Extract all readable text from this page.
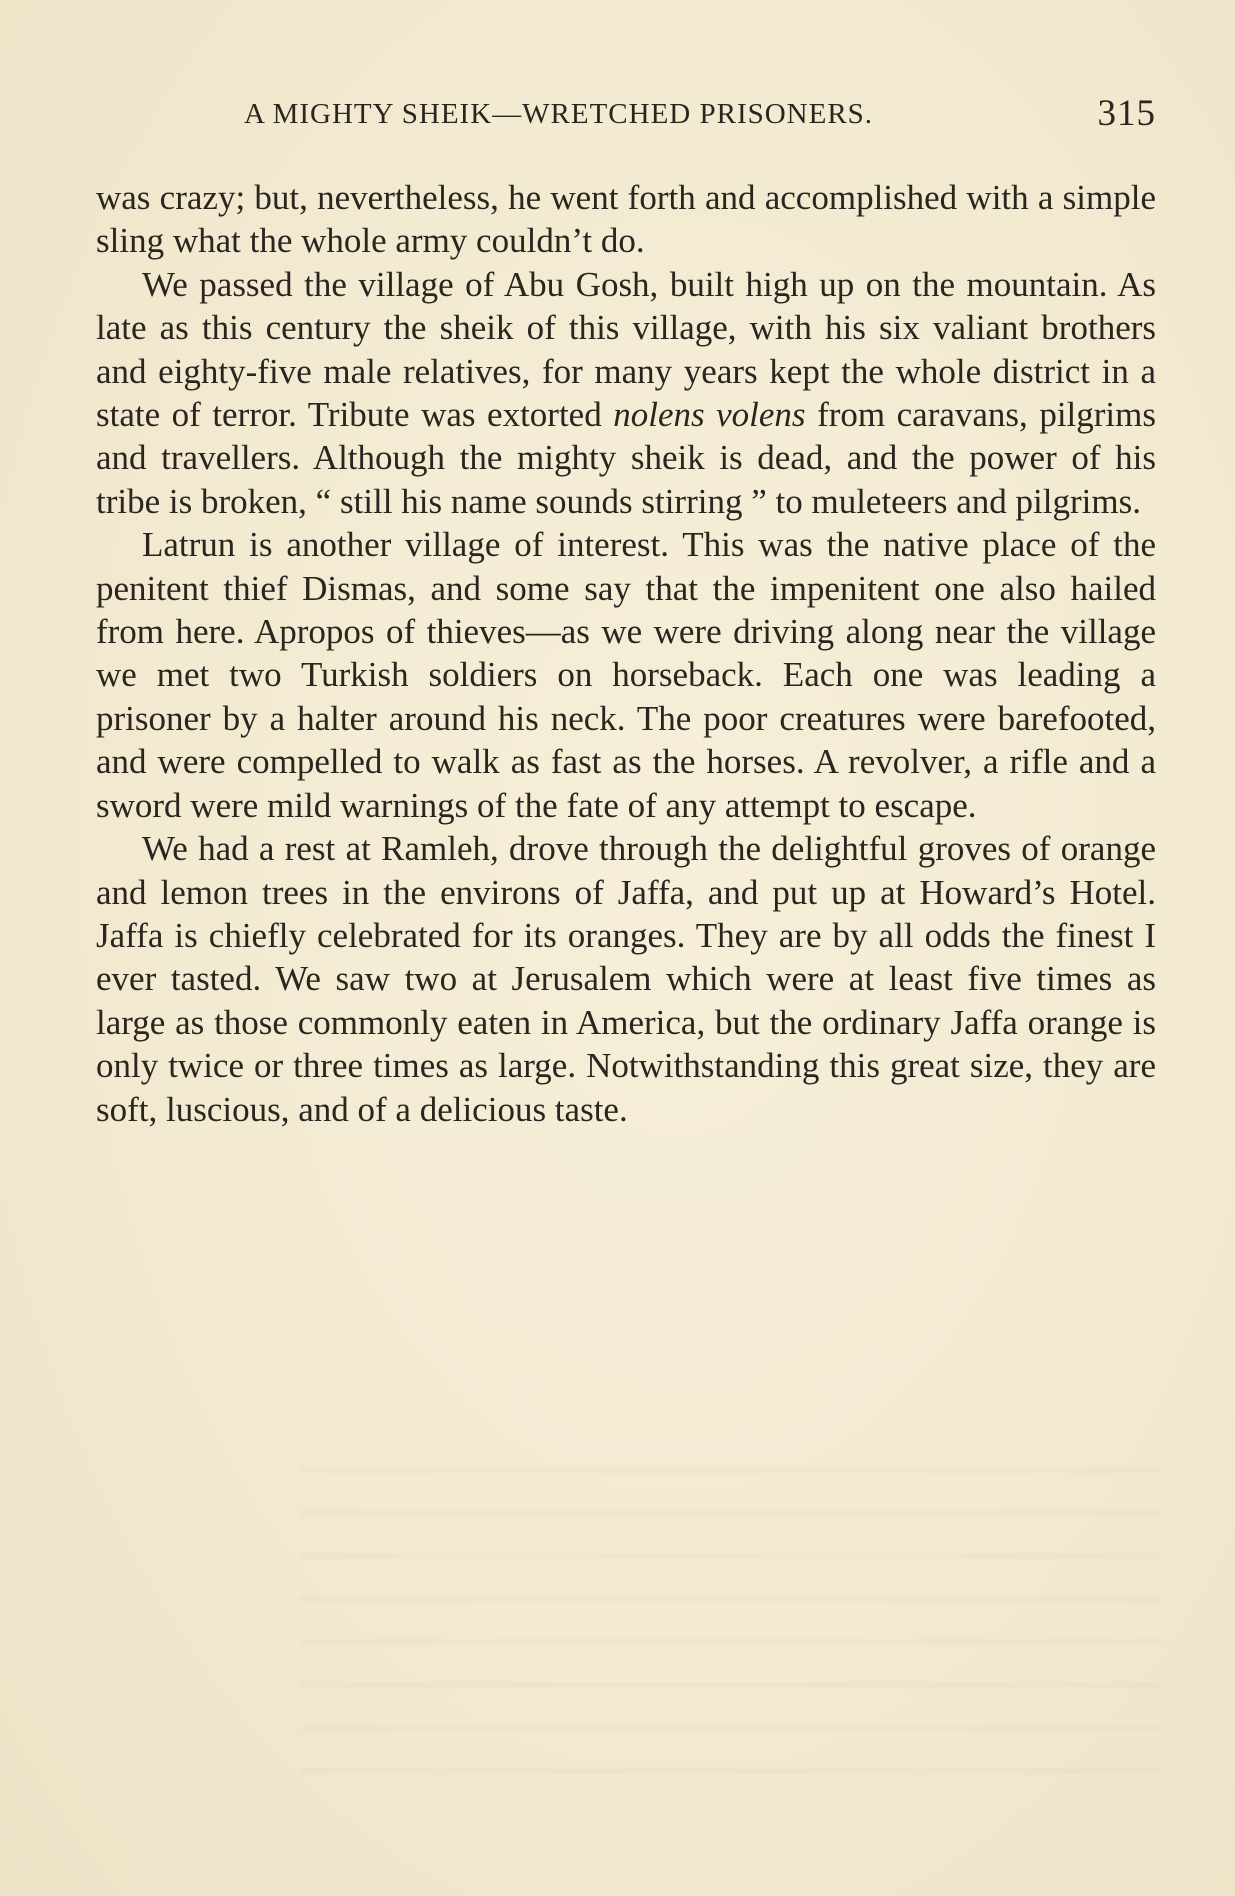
A MIGHTY SHEIK—WRETCHED PRISONERS.	315

was crazy; but, nevertheless, he went forth and accomplished with a simple sling what the whole army couldn’t do.

We passed the village of Abu Gosh, built high up on the mountain. As late as this century the sheik of this village, with his six valiant brothers and eighty-five male relatives, for many years kept the whole district in a state of terror. Tribute was extorted nolens volens from caravans, pilgrims and travellers. Although the mighty sheik is dead, and the power of his tribe is broken, “ still his name sounds stirring ” to muleteers and pilgrims.

Latrun is another village of interest. This was the native place of the penitent thief Dismas, and some say that the impenitent one also hailed from here. Apropos of thieves—as we were driving along near the village we met two Turkish soldiers on horseback. Each one was leading a prisoner by a halter around his neck. The poor creatures were barefooted, and were compelled to walk as fast as the horses. A revolver, a rifle and a sword were mild warnings of the fate of any attempt to escape.

We had a rest at Ramleh, drove through the delightful groves of orange and lemon trees in the environs of Jaffa, and put up at Howard’s Hotel. Jaffa is chiefly celebrated for its oranges. They are by all odds the finest I ever tasted. We saw two at Jerusalem which were at least five times as large as those commonly eaten in America, but the ordinary Jaffa orange is only twice or three times as large. Notwithstanding this great size, they are soft, luscious, and of a delicious taste.
